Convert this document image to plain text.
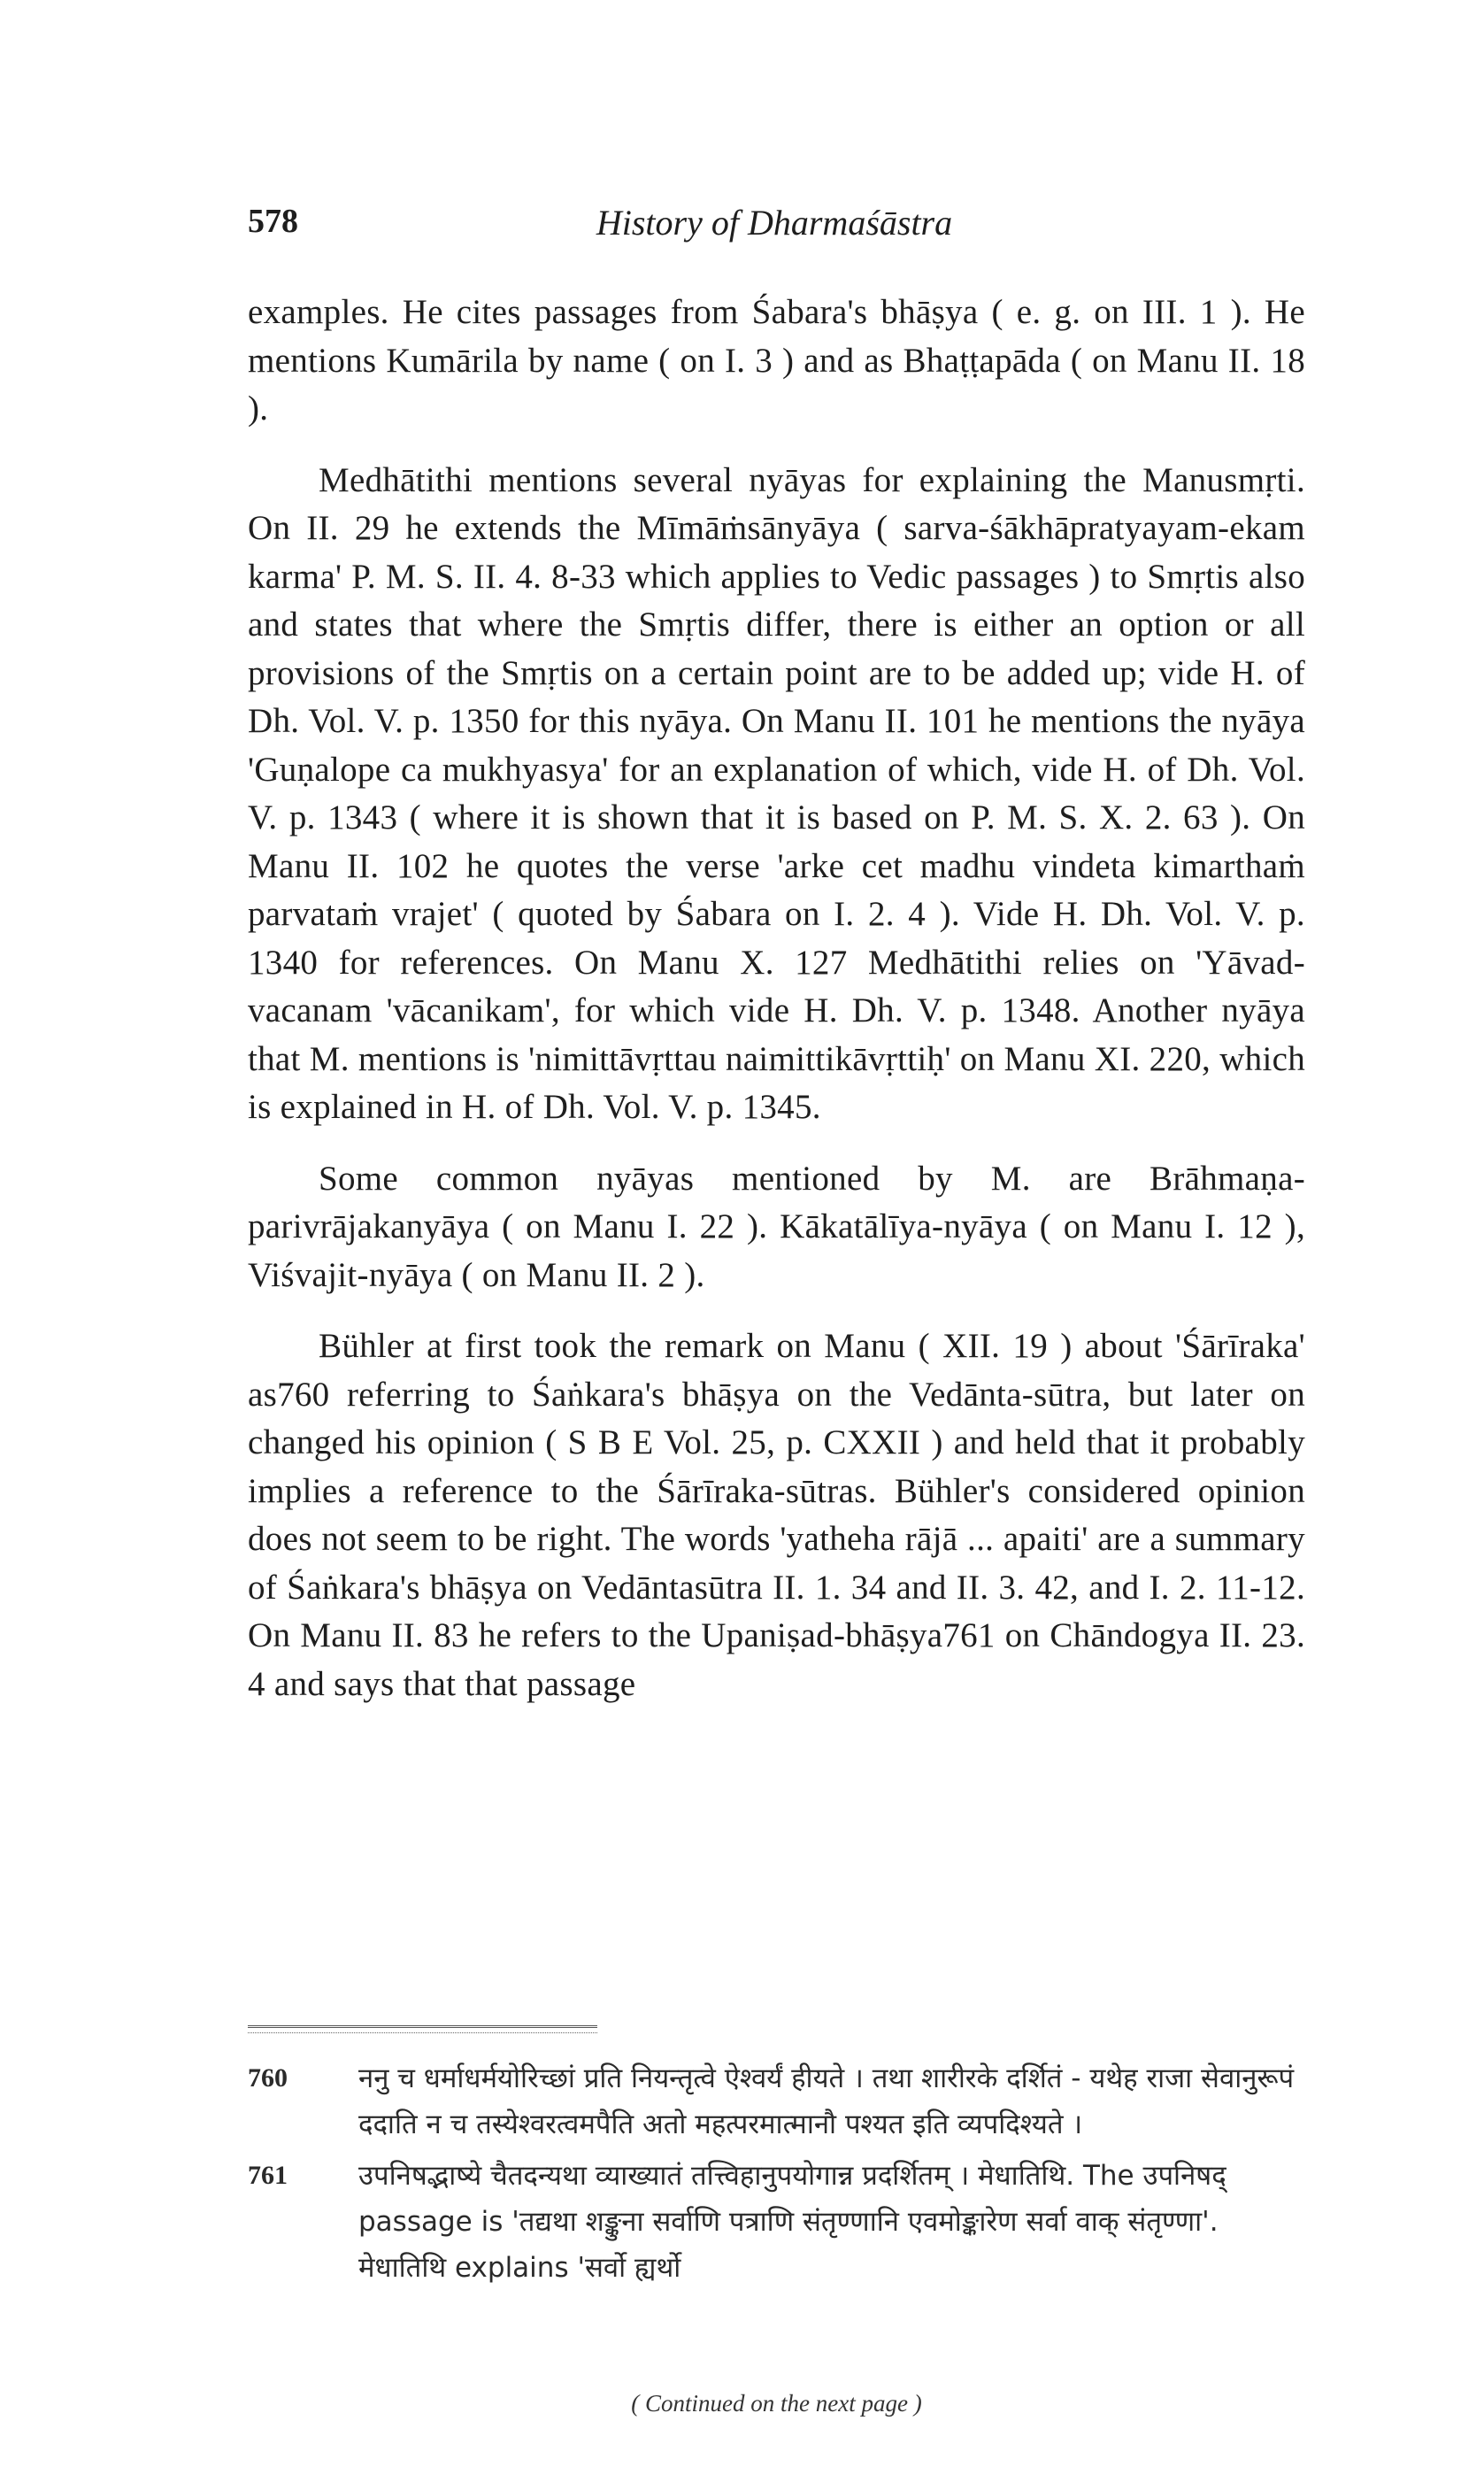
578	History of Dharmaśāstra

examples. He cites passages from Śabara's bhāṣya ( e. g. on III. 1 ). He mentions Kumārila by name ( on I. 3 ) and as Bhaṭṭapāda ( on Manu II. 18 ).

Medhātithi mentions several nyāyas for explaining the Manusmṛti. On II. 29 he extends the Mīmāṁsānyāya ( sarva-śākhāpratyayam-ekam karma' P. M. S. II. 4. 8-33 which applies to Vedic passages ) to Smṛtis also and states that where the Smṛtis differ, there is either an option or all provisions of the Smṛtis on a certain point are to be added up; vide H. of Dh. Vol. V. p. 1350 for this nyāya. On Manu II. 101 he mentions the nyāya 'Guṇalope ca mukhyasya' for an explanation of which, vide H. of Dh. Vol. V. p. 1343 ( where it is shown that it is based on P. M. S. X. 2. 63 ). On Manu II. 102 he quotes the verse 'arke cet madhu vindeta kimarthaṁ parvataṁ vrajet' ( quoted by Śabara on I. 2. 4 ). Vide H. Dh. Vol. V. p. 1340 for references. On Manu X. 127 Medhātithi relies on 'Yāvad-vacanam 'vācanikam', for which vide H. Dh. V. p. 1348. Another nyāya that M. mentions is 'nimittāvṛttau naimittikāvṛttiḥ' on Manu XI. 220, which is explained in H. of Dh. Vol. V. p. 1345.

Some common nyāyas mentioned by M. are Brāhmaṇa-parivrājakanyāya ( on Manu I. 22 ). Kākatālīya-nyāya ( on Manu I. 12 ), Viśvajit-nyāya ( on Manu II. 2 ).

Bühler at first took the remark on Manu ( XII. 19 ) about 'Śārīraka' as760 referring to Śaṅkara's bhāṣya on the Vedānta-sūtra, but later on changed his opinion ( S B E Vol. 25, p. CXXII ) and held that it probably implies a reference to the Śārīraka-sūtras. Bühler's considered opinion does not seem to be right. The words 'yatheha rājā ... apaiti' are a summary of Śaṅkara's bhāṣya on Vedāntasūtra II. 1. 34 and II. 3. 42, and I. 2. 11-12. On Manu II. 83 he refers to the Upaniṣad-bhāṣya761 on Chāndogya II. 23. 4 and says that that passage

760	ननु च धर्माधर्मयोरिच्छां प्रति नियन्तृत्वे ऐश्वर्यं हीयते । तथा शारीरके दर्शितं - यथेह राजा सेवानुरूपं ददाति न च तस्येश्वरत्वमपैति अतो महत्परमात्मानौ पश्यत इति व्यपदिश्यते ।
761	उपनिषद्भाष्ये चैतदन्यथा व्याख्यातं तत्त्विहानुपयोगान्न प्रदर्शितम् । मेधातिथि. The उपनिषद् passage is 'तद्यथा शङ्कुना सर्वाणि पत्राणि संतृण्णानि एवमोङ्कारेण सर्वा वाक् संतृण्णा'. मेधातिथि explains 'सर्वो ह्यर्थो
( Continued on the next page )
